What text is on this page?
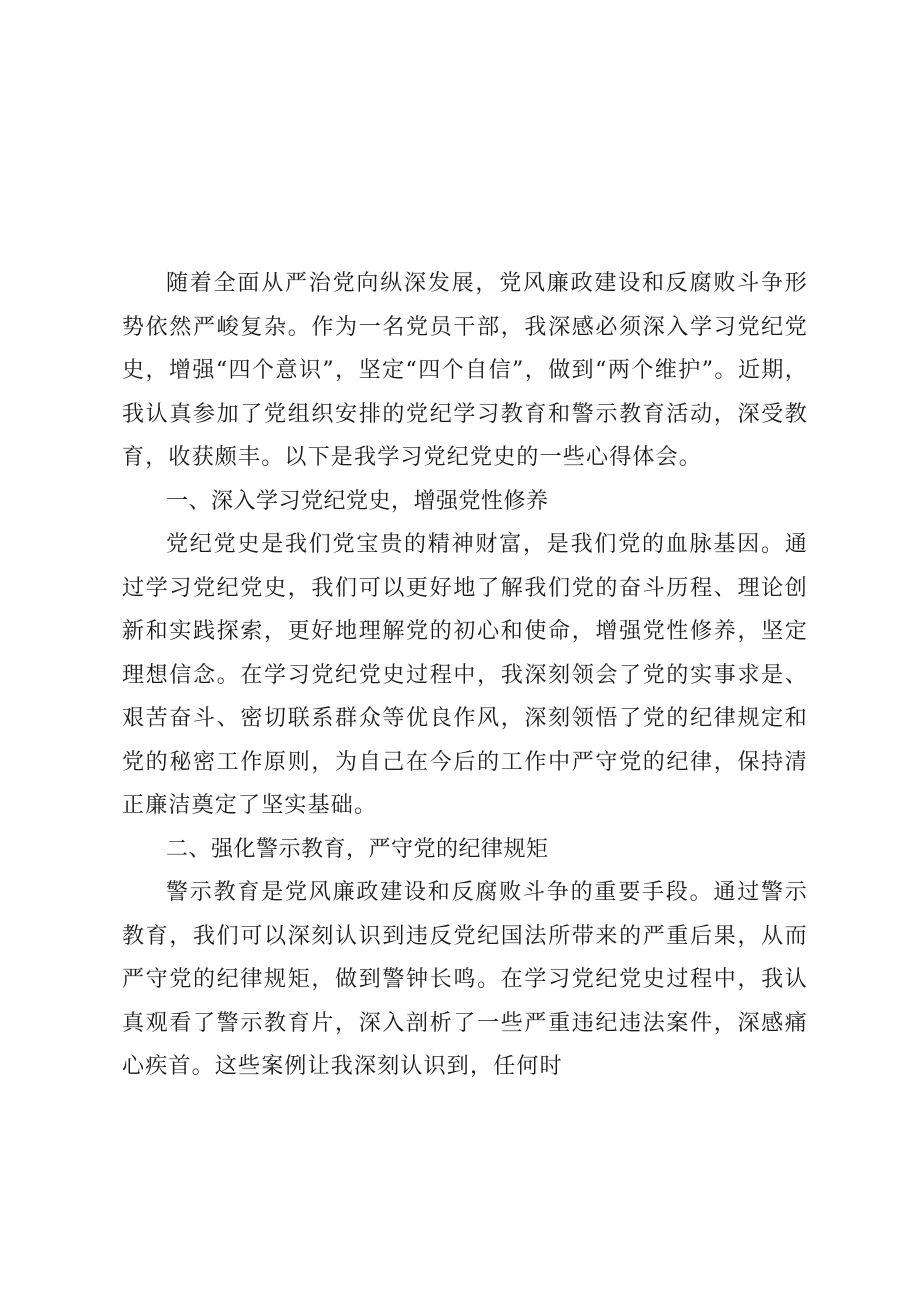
随着全面从严治党向纵深发展，党风廉政建设和反腐败斗争形势依然严峻复杂。作为一名党员干部，我深感必须深入学习党纪党史，增强“四个意识”，坚定“四个自信”，做到“两个维护”。近期，我认真参加了党组织安排的党纪学习教育和警示教育活动，深受教育，收获颇丰。以下是我学习党纪党史的一些心得体会。

一、深入学习党纪党史，增强党性修养

党纪党史是我们党宝贵的精神财富，是我们党的血脉基因。通过学习党纪党史，我们可以更好地了解我们党的奋斗历程、理论创新和实践探索，更好地理解党的初心和使命，增强党性修养，坚定理想信念。在学习党纪党史过程中，我深刻领会了党的实事求是、艰苦奋斗、密切联系群众等优良作风，深刻领悟了党的纪律规定和党的秘密工作原则，为自己在今后的工作中严守党的纪律，保持清正廉洁奠定了坚实基础。

二、强化警示教育，严守党的纪律规矩

警示教育是党风廉政建设和反腐败斗争的重要手段。通过警示教育，我们可以深刻认识到违反党纪国法所带来的严重后果，从而严守党的纪律规矩，做到警钟长鸣。在学习党纪党史过程中，我认真观看了警示教育片，深入剖析了一些严重违纪违法案件，深感痛心疾首。这些案例让我深刻认识到，任何时
